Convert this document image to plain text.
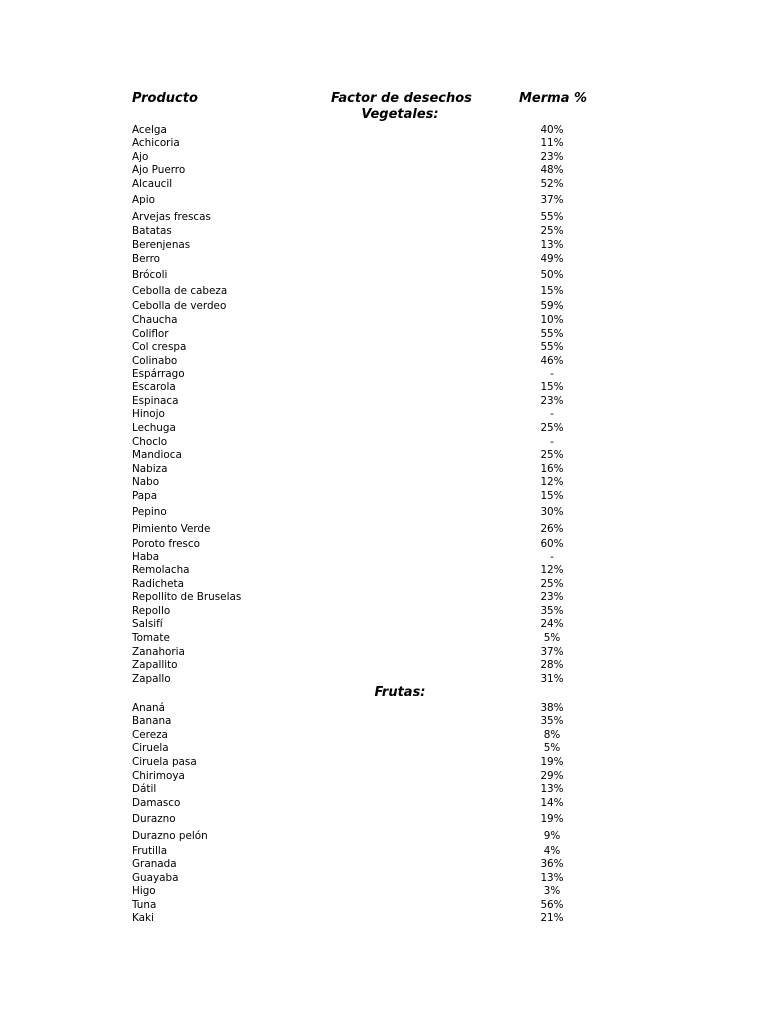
Producto	Factor de desechos	Merma %
Vegetales:
Acelga	40%
Achicoria	11%
Ajo	23%
Ajo Puerro	48%
Alcaucil	52%
Apio	37%
Arvejas frescas	55%
Batatas	25%
Berenjenas	13%
Berro	49%
Brócoli	50%
Cebolla de cabeza	15%
Cebolla de verdeo	59%
Chaucha	10%
Coliflor	55%
Col crespa	55%
Colinabo	46%
Espárrago	-
Escarola	15%
Espinaca	23%
Hinojo	-
Lechuga	25%
Choclo	-
Mandioca	25%
Nabiza	16%
Nabo	12%
Papa	15%
Pepino	30%
Pimiento Verde	26%
Poroto fresco	60%
Haba	-
Remolacha	12%
Radicheta	25%
Repollito de Bruselas	23%
Repollo	35%
Salsifí	24%
Tomate	5%
Zanahoria	37%
Zapallito	28%
Zapallo	31%
Frutas:
Ananá	38%
Banana	35%
Cereza	8%
Ciruela	5%
Ciruela pasa	19%
Chirimoya	29%
Dátil	13%
Damasco	14%
Durazno	19%
Durazno pelón	9%
Frutilla	4%
Granada	36%
Guayaba	13%
Higo	3%
Tuna	56%
Kaki	21%
